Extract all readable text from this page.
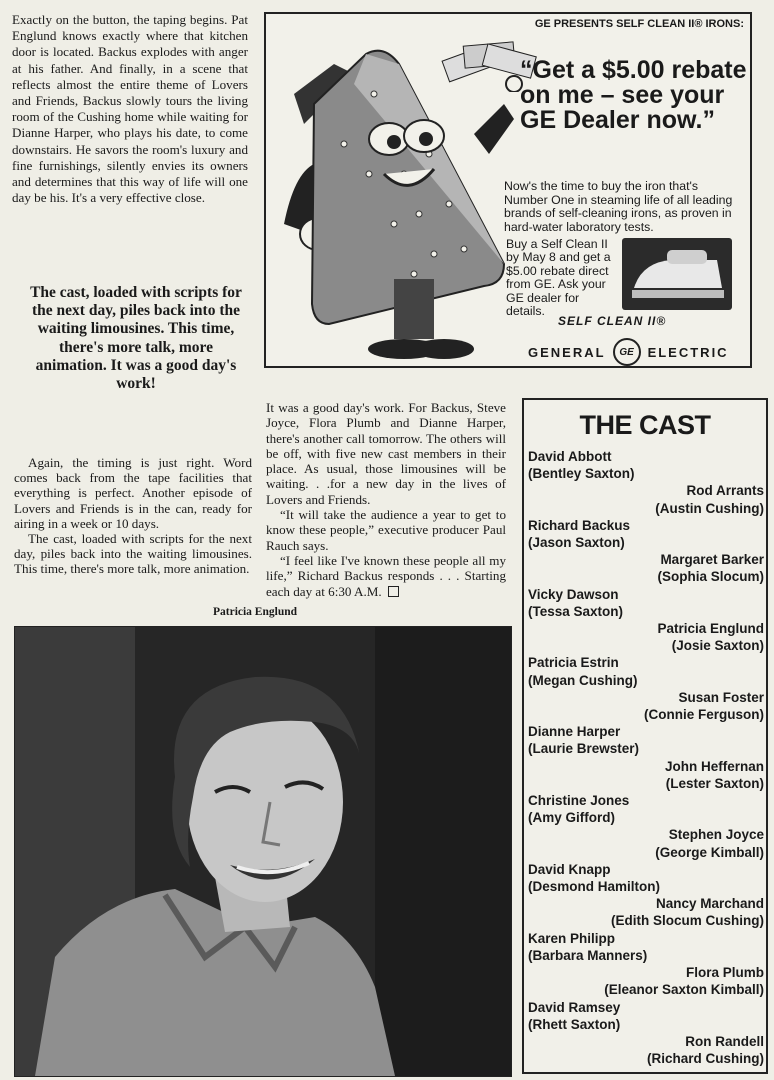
Exactly on the button, the taping begins. Pat Englund knows exactly where that kitchen door is located. Backus explodes with anger at his father. And finally, in a scene that reflects almost the entire theme of Lovers and Friends, Backus slowly tours the living room of the Cushing home while waiting for Dianne Harper, who plays his date, to come downstairs. He savors the room's luxury and fine furnishings, silently envies its owners and determines that this way of life will one day be his. It's a very effective close.

The cast, loaded with scripts for the next day, piles back into the waiting limousines. This time, there's more talk, more animation. It was a good day's work!

Again, the timing is just right. Word comes back from the tape facilities that everything is perfect. Another episode of Lovers and Friends is in the can, ready for airing in a week or 10 days.

The cast, loaded with scripts for the next day, piles back into the waiting limousines. This time, there's more talk, more animation.

It was a good day's work. For Backus, Steve Joyce, Flora Plumb and Dianne Harper, there's another call tomorrow. The others will be off, with five new cast members in their place. As usual, those limousines will be waiting. . .for a new day in the lives of Lovers and Friends.

“It will take the audience a year to get to know these people,” executive producer Paul Rauch says.

“I feel like I've known these people all my life,” Richard Backus responds . . . Starting each day at 6:30 A.M.

Patricia Englund
GE PRESENTS SELF CLEAN II® IRONS:
“Get a $5.00 rebate on me – see your GE Dealer now.”
Now's the time to buy the iron that's Number One in steaming life of all leading brands of self-cleaning irons, as proven in hard-water laboratory tests.
Buy a Self Clean II by May 8 and get a $5.00 rebate direct from GE. Ask your GE dealer for details.
SELF CLEAN II®
GENERAL	GE	ELECTRIC
THE CAST
David Abbott
(Bentley Saxton)
Rod Arrants
(Austin Cushing)
Richard Backus
(Jason Saxton)
Margaret Barker
(Sophia Slocum)
Vicky Dawson
(Tessa Saxton)
Patricia Englund
(Josie Saxton)
Patricia Estrin
(Megan Cushing)
Susan Foster
(Connie Ferguson)
Dianne Harper
(Laurie Brewster)
John Heffernan
(Lester Saxton)
Christine Jones
(Amy Gifford)
Stephen Joyce
(George Kimball)
David Knapp
(Desmond Hamilton)
Nancy Marchand
(Edith Slocum Cushing)
Karen Philipp
(Barbara Manners)
Flora Plumb
(Eleanor Saxton Kimball)
David Ramsey
(Rhett Saxton)
Ron Randell
(Richard Cushing)
